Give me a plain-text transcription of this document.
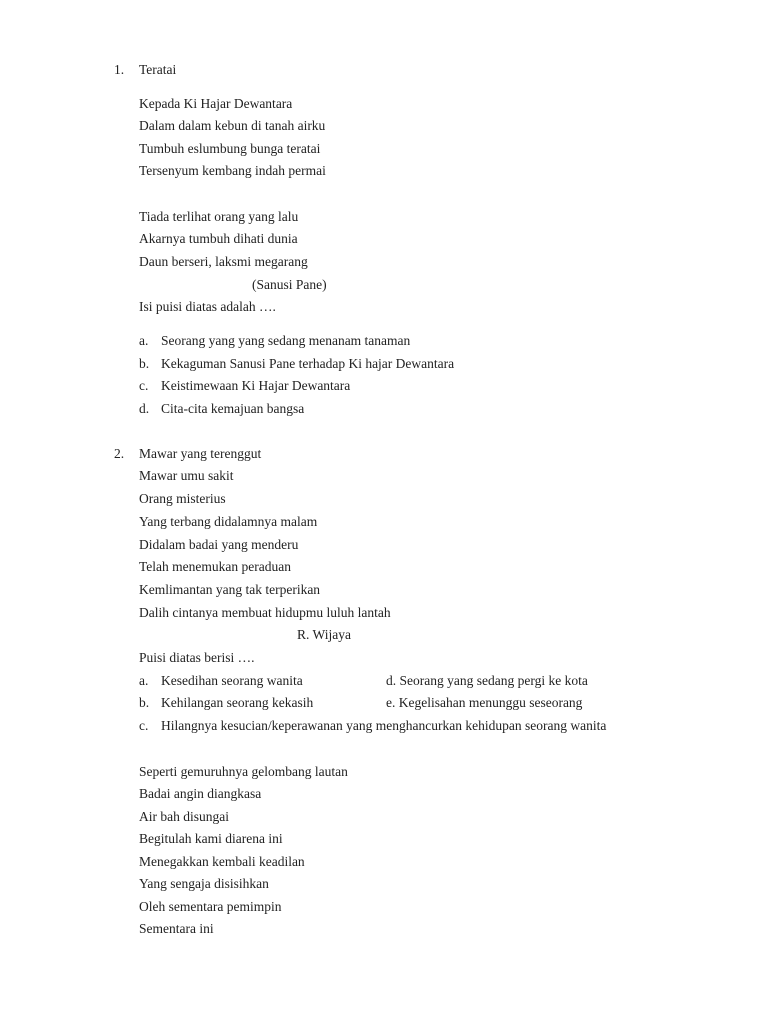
1. Teratai
Kepada Ki Hajar Dewantara
Dalam dalam kebun di tanah airku
Tumbuh eslumbung bunga teratai
Tersenyum kembang indah permai
Tiada terlihat orang yang lalu
Akarnya tumbuh dihati dunia
Daun berseri, laksmi megarang
(Sanusi Pane)
Isi puisi diatas adalah ….
a. Seorang yang yang sedang menanam tanaman
b. Kekaguman Sanusi Pane terhadap Ki hajar Dewantara
c. Keistimewaan Ki Hajar Dewantara
d. Cita-cita kemajuan bangsa
2. Mawar yang terenggut
Mawar umu sakit
Orang misterius
Yang terbang didalamnya malam
Didalam badai yang menderu
Telah menemukan peraduan
Kemlimantan yang tak terperikan
Dalih cintanya membuat hidupmu luluh lantah
R. Wijaya
Puisi diatas berisi ….
a. Kesedihan seorang wanita	d. Seorang yang sedang pergi ke kota
b. Kehilangan seorang kekasih	e. Kegelisahan menunggu seseorang
c. Hilangnya kesucian/keperawanan yang menghancurkan kehidupan seorang wanita
Seperti gemuruhnya gelombang lautan
Badai angin diangkasa
Air bah disungai
Begitulah kami diarena ini
Menegakkan kembali keadilan
Yang sengaja disisihkan
Oleh sementara pemimpin
Sementara ini
